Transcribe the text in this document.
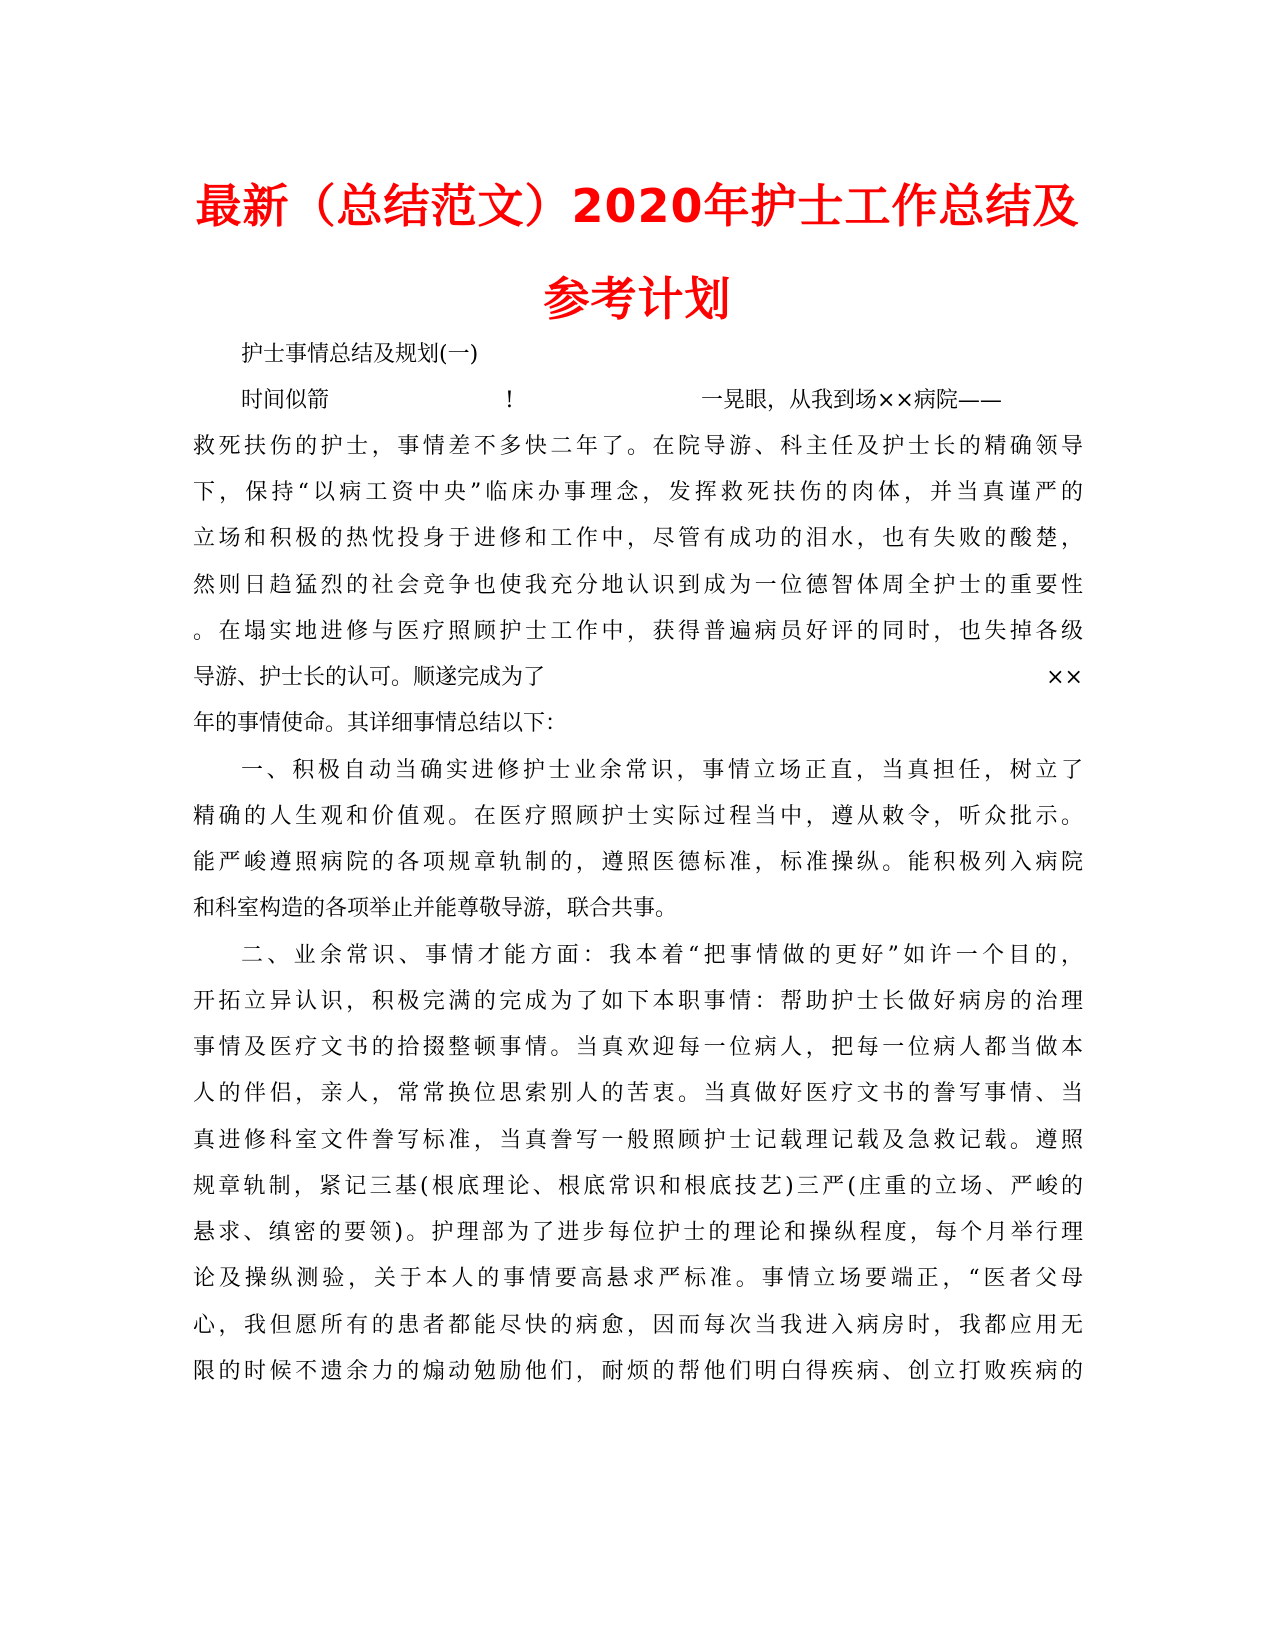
最新（总结范文）2020年护士工作总结及
参考计划
护士事情总结及规划(一)
时间似箭	!	一晃眼，从我到场××病院——
救死扶伤的护士，事情差不多快二年了。在院导游、科主任及护士长的精确领导
下，保持“以病工资中央”临床办事理念，发挥救死扶伤的肉体，并当真谨严的
立场和积极的热忱投身于进修和工作中，尽管有成功的泪水，也有失败的酸楚，
然则日趋猛烈的社会竞争也使我充分地认识到成为一位德智体周全护士的重要性
。在塌实地进修与医疗照顾护士工作中，获得普遍病员好评的同时，也失掉各级
导游、护士长的认可。顺遂完成为了	××
年的事情使命。其详细事情总结以下：
一、积极自动当确实进修护士业余常识，事情立场正直，当真担任，树立了
精确的人生观和价值观。在医疗照顾护士实际过程当中，遵从敕令，听众批示。
能严峻遵照病院的各项规章轨制的，遵照医德标准，标准操纵。能积极列入病院
和科室构造的各项举止并能尊敬导游，联合共事。
二、业余常识、事情才能方面：我本着“把事情做的更好”如许一个目的，
开拓立异认识，积极完满的完成为了如下本职事情：帮助护士长做好病房的治理
事情及医疗文书的拾掇整顿事情。当真欢迎每一位病人，把每一位病人都当做本
人的伴侣，亲人，常常换位思索别人的苦衷。当真做好医疗文书的誊写事情、当
真进修科室文件誊写标准，当真誊写一般照顾护士记载理记载及急救记载。遵照
规章轨制，紧记三基(根底理论、根底常识和根底技艺)三严(庄重的立场、严峻的
悬求、缜密的要领)。护理部为了进步每位护士的理论和操纵程度，每个月举行理
论及操纵测验，关于本人的事情要高悬求严标准。事情立场要端正，“医者父母
心，我但愿所有的患者都能尽快的病愈，因而每次当我进入病房时，我都应用无
限的时候不遗余力的煽动勉励他们，耐烦的帮他们明白得疾病、创立打败疾病的
